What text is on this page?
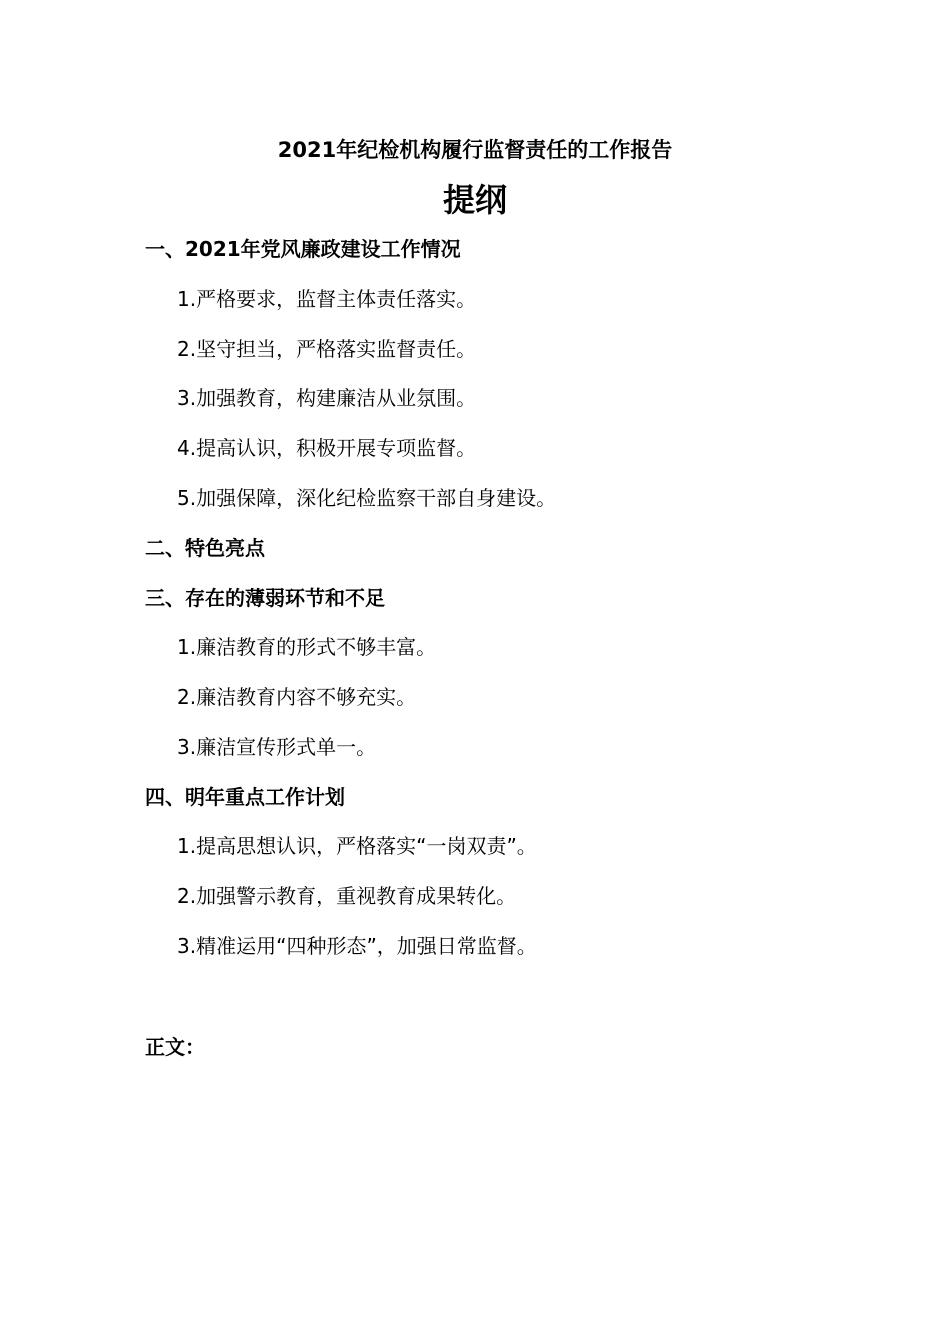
2021年纪检机构履行监督责任的工作报告
提纲
一、2021年党风廉政建设工作情况
1.严格要求，监督主体责任落实。
2.坚守担当，严格落实监督责任。
3.加强教育，构建廉洁从业氛围。
4.提高认识，积极开展专项监督。
5.加强保障，深化纪检监察干部自身建设。
二、特色亮点
三、存在的薄弱环节和不足
1.廉洁教育的形式不够丰富。
2.廉洁教育内容不够充实。
3.廉洁宣传形式单一。
四、明年重点工作计划
1.提高思想认识，严格落实“一岗双责”。
2.加强警示教育，重视教育成果转化。
3.精准运用“四种形态”，加强日常监督。
正文：
